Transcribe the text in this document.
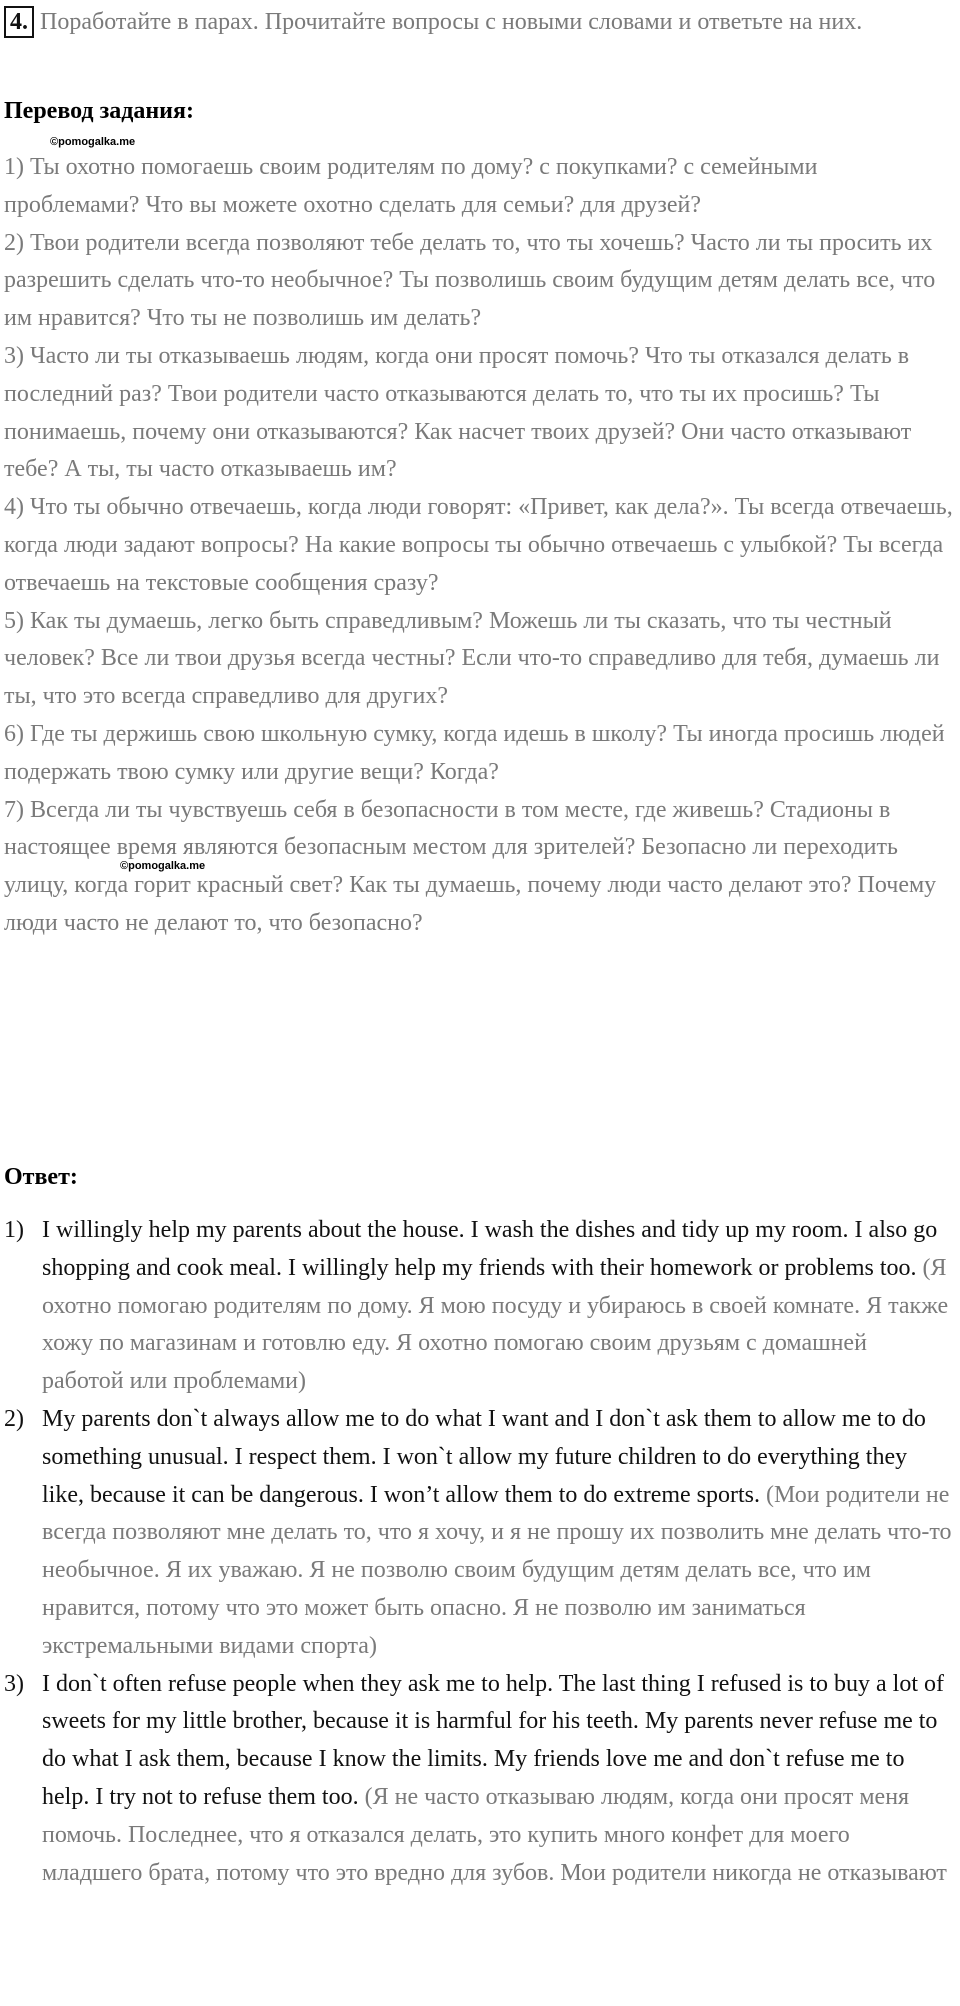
4. Поработайте в парах. Прочитайте вопросы с новыми словами и ответьте на них.
Перевод задания:
©pomogalka.me

1) Ты охотно помогаешь своим родителям по дому? с покупками? с семейными проблемами? Что вы можете охотно сделать для семьи? для друзей?

2) Твои родители всегда позволяют тебе делать то, что ты хочешь? Часто ли ты просить их разрешить сделать что-то необычное? Ты позволишь своим будущим детям делать все, что им нравится? Что ты не позволишь им делать?

3) Часто ли ты отказываешь людям, когда они просят помочь? Что ты отказался делать в последний раз? Твои родители часто отказываются делать то, что ты их просишь? Ты понимаешь, почему они отказываются? Как насчет твоих друзей? Они часто отказывают тебе? А ты, ты часто отказываешь им?

4) Что ты обычно отвечаешь, когда люди говорят: «Привет, как дела?». Ты всегда отвечаешь, когда люди задают вопросы? На какие вопросы ты обычно отвечаешь с улыбкой? Ты всегда отвечаешь на текстовые сообщения сразу?

5) Как ты думаешь, легко быть справедливым? Можешь ли ты сказать, что ты честный человек? Все ли твои друзья всегда честны? Если что-то справедливо для тебя, думаешь ли ты, что это всегда справедливо для других?

6) Где ты держишь свою школьную сумку, когда идешь в школу? Ты иногда просишь людей подержать твою сумку или другие вещи? Когда?

7) Всегда ли ты чувствуешь себя в безопасности в том месте, где живешь? Стадионы в настоящее время являются безопасным местом для зрителей? Безопасно ли переходить улицу, когда горит красный свет? Как ты думаешь, почему люди часто делают это? Почему люди часто не делают то, что безопасно?

©pomogalka.me
Ответ:
1) I willingly help my parents about the house. I wash the dishes and tidy up my room. I also go shopping and cook meal. I willingly help my friends with their homework or problems too. (Я охотно помогаю родителям по дому. Я мою посуду и убираюсь в своей комнате. Я также хожу по магазинам и готовлю еду. Я охотно помогаю своим друзьям с домашней работой или проблемами)
2) My parents don`t always allow me to do what I want and I don`t ask them to allow me to do something unusual. I respect them. I won`t allow my future children to do everything they like, because it can be dangerous. I won’t allow them to do extreme sports. (Мои родители не всегда позволяют мне делать то, что я хочу, и я не прошу их позволить мне делать что-то необычное. Я их уважаю. Я не позволю своим будущим детям делать все, что им нравится, потому что это может быть опасно. Я не позволю им заниматься экстремальными видами спорта)
3) I don`t often refuse people when they ask me to help. The last thing I refused is to buy a lot of sweets for my little brother, because it is harmful for his teeth. My parents never refuse me to do what I ask them, because I know the limits. My friends love me and don`t refuse me to help. I try not to refuse them too. (Я не часто отказываю людям, когда они просят меня помочь. Последнее, что я отказался делать, это купить много конфет для моего младшего брата, потому что это вредно для зубов. Мои родители никогда не отказывают
